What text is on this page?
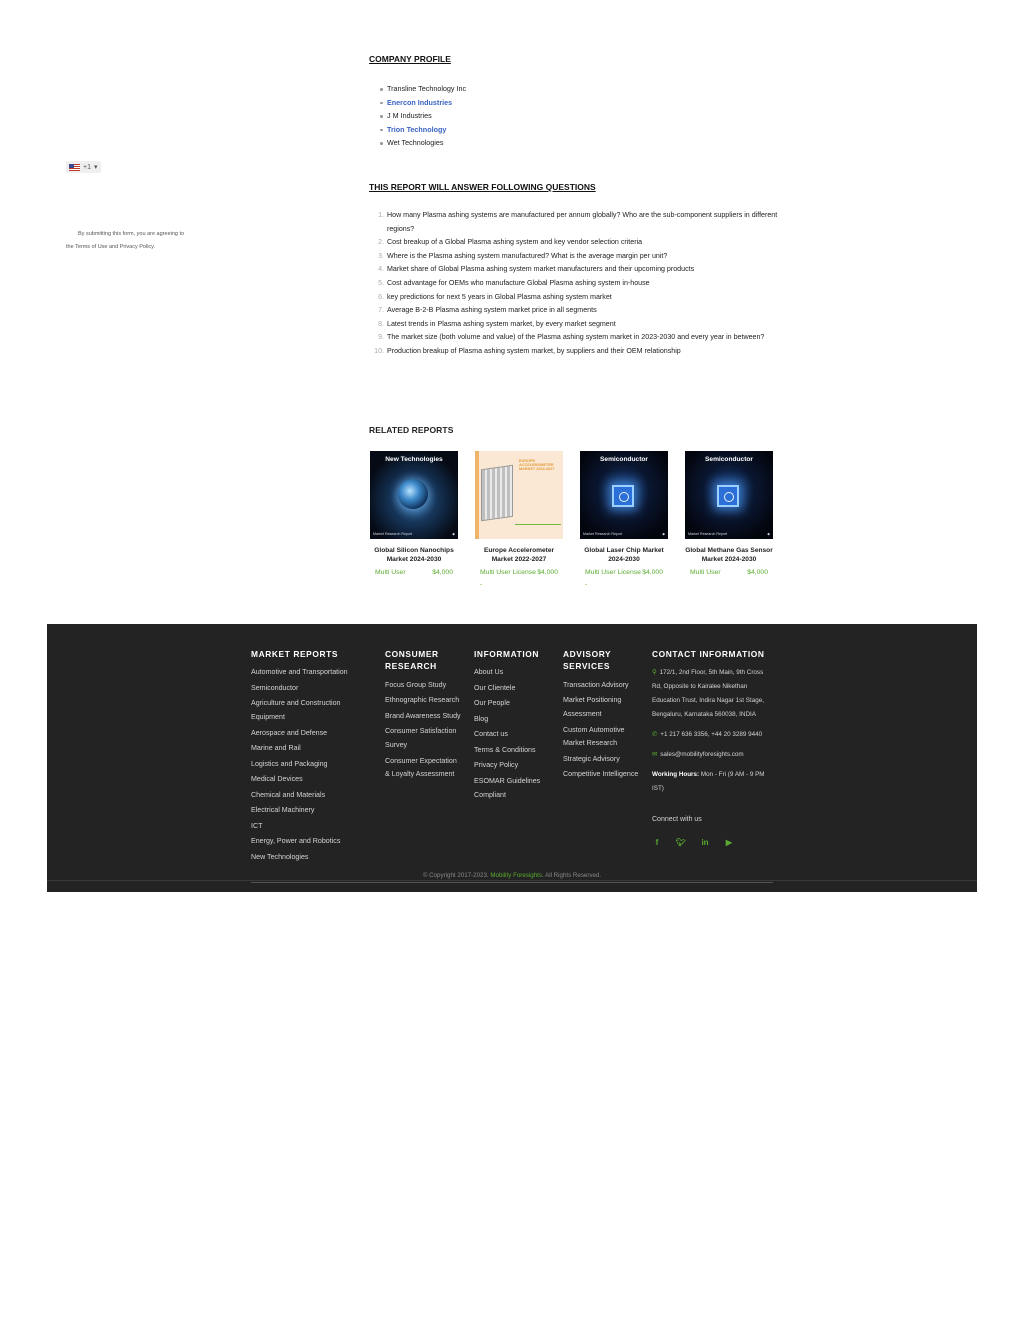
+1 ▾
By submitting this form, you are agreeing to
the Terms of Use and Privacy Policy.
COMPANY PROFILE
Transline Technology Inc
Enercon Industries
J M Industries
Trion Technology
Wet Technologies
THIS REPORT WILL ANSWER FOLLOWING QUESTIONS
How many Plasma ashing systems are manufactured per annum globally? Who are the sub-component suppliers in different regions?
Cost breakup of a Global Plasma ashing system and key vendor selection criteria
Where is the Plasma ashing system manufactured? What is the average margin per unit?
Market share of Global Plasma ashing system market manufacturers and their upcoming products
Cost advantage for OEMs who manufacture Global Plasma ashing system in-house
key predictions for next 5 years in Global Plasma ashing system market
Average B-2-B Plasma ashing system market price in all segments
Latest trends in Plasma ashing system market, by every market segment
The market size (both volume and value) of the Plasma ashing system market in 2023-2030 and every year in between?
Production breakup of Plasma ashing system market, by suppliers and their OEM relationship
RELATED REPORTS
New Technologies
Market Research Report	◆
Global Silicon Nanochips Market 2024-2030
Multi User	$4,000
EUROPE ACCELEROMETER MARKET 2022-2027
Europe Accelerometer Market 2022-2027
Multi User License -
$4,000
Semiconductor
Market Research Report	◆
Global Laser Chip Market 2024-2030
Multi User License -
$4,000
Semiconductor
Market Research Report	◆
Global Methane Gas Sensor Market 2024-2030
Multi User	$4,000
MARKET REPORTS
Automotive and Transportation
Semiconductor
Agriculture and Construction Equipment
Aerospace and Defense
Marine and Rail
Logistics and Packaging
Medical Devices
Chemical and Materials
Electrical Machinery
ICT
Energy, Power and Robotics
New Technologies
CONSUMER RESEARCH
Focus Group Study
Ethnographic Research
Brand Awareness Study
Consumer Satisfaction Survey
Consumer Expectation & Loyalty Assessment
INFORMATION
About Us
Our Clientele
Our People
Blog
Contact us
Terms & Conditions
Privacy Policy
ESOMAR Guidelines Compliant
ADVISORY SERVICES
Transaction Advisory
Market Positioning Assessment
Custom Automotive Market Research
Strategic Advisory
Competitive Intelligence
CONTACT INFORMATION

⚲ 172/1, 2nd Floor, 5th Main, 9th Cross Rd, Opposite to Kairalee Nikethan Education Trust, Indira Nagar 1st Stage, Bengaluru, Karnataka 560038, INDIA

✆ +1 217 636 3356, +44 20 3289 9440

✉ sales@mobilityforesights.com

Working Hours: Mon - Fri (9 AM - 9 PM IST)

Connect with us

f	🐦︎ in ▶
© Copyright 2017-2023. Mobility Foresights. All Rights Reserved.
